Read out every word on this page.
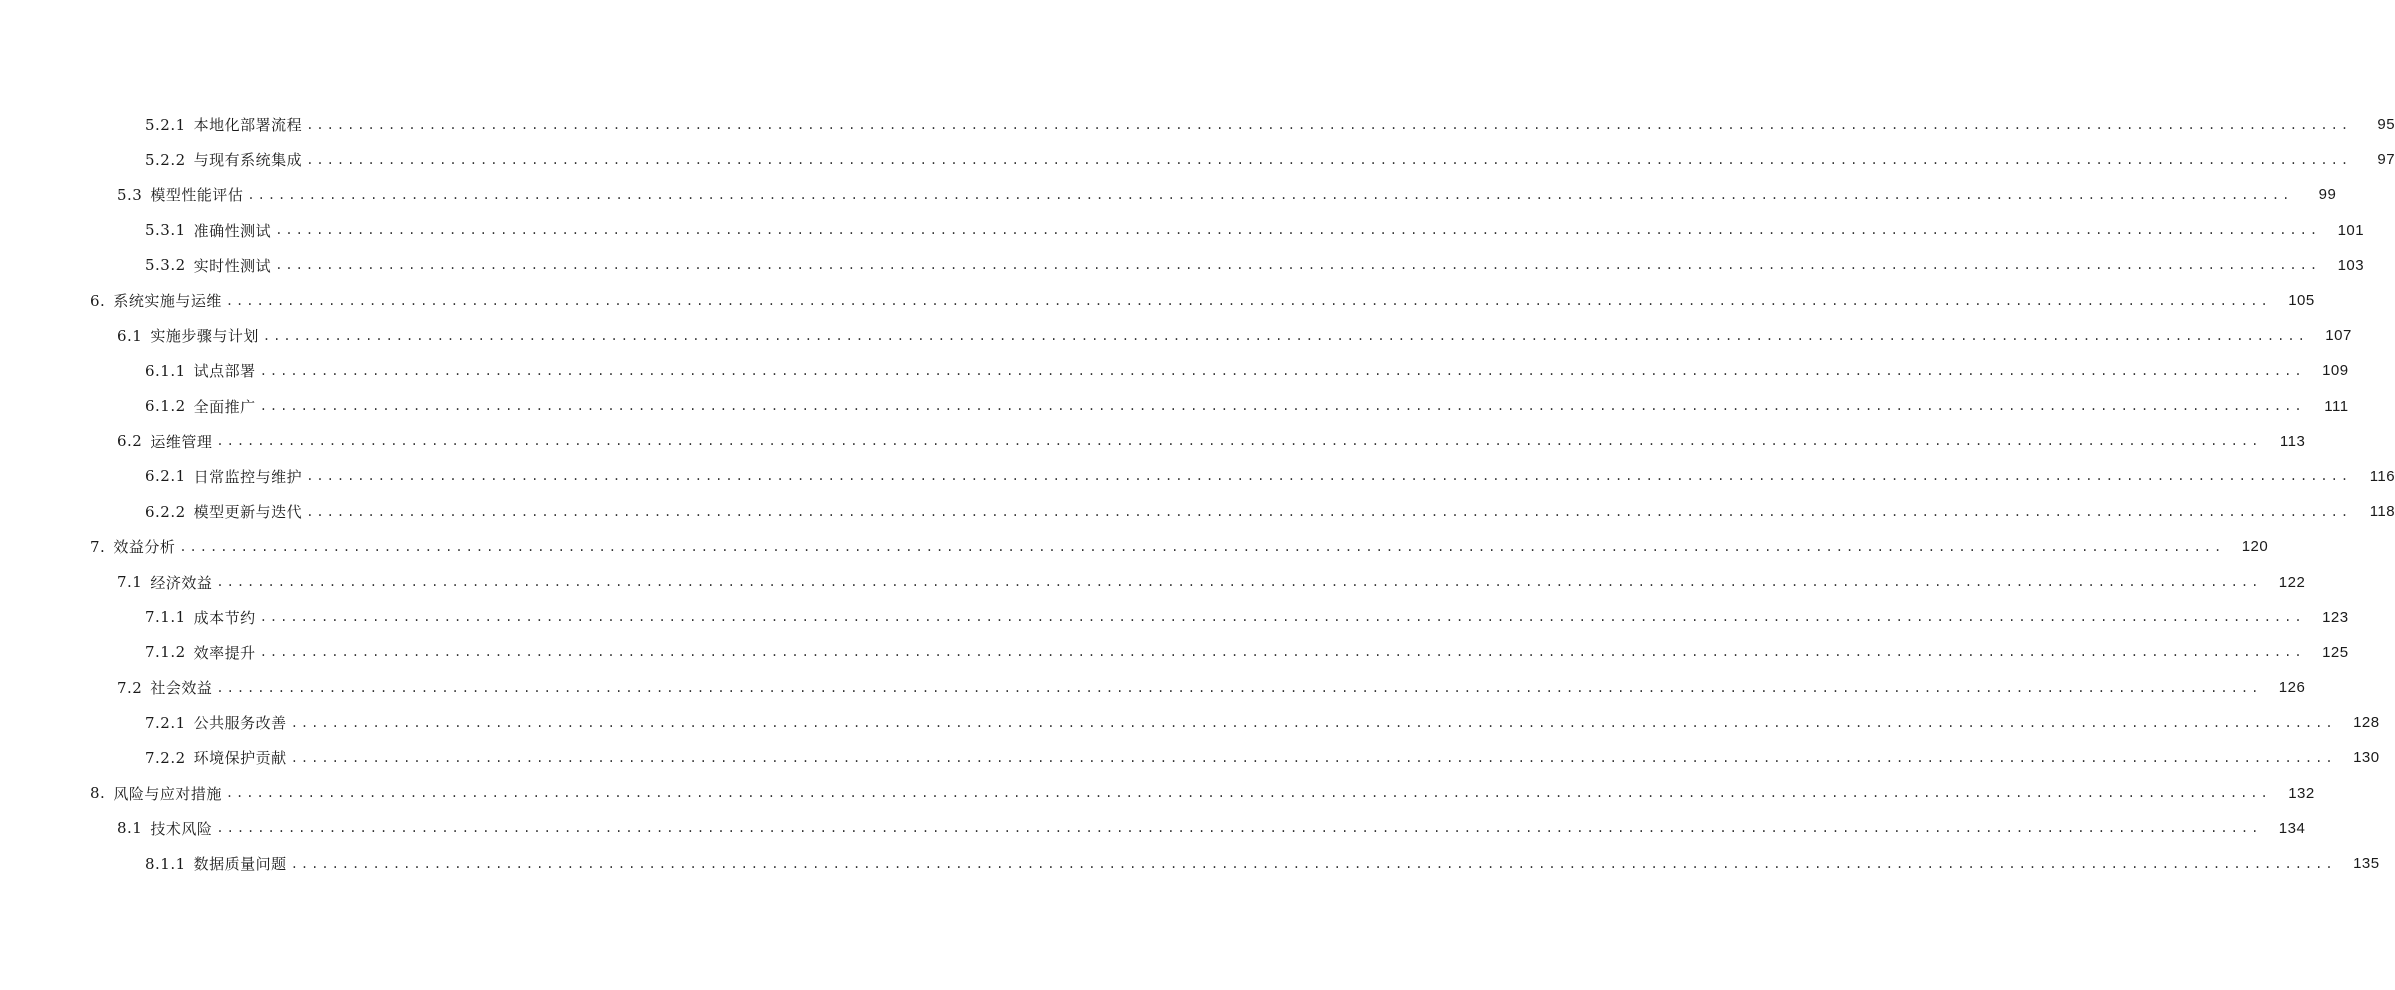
5.2.1 本地化部署流程 ........................................................................................................................................................................................................	95
5.2.2 与现有系统集成 ........................................................................................................................................................................................................	97
5.3 模型性能评估 ........................................................................................................................................................................................................	99
5.3.1 准确性测试 ........................................................................................................................................................................................................	101
5.3.2 实时性测试 ........................................................................................................................................................................................................	103
6. 系统实施与运维 ........................................................................................................................................................................................................	105
6.1 实施步骤与计划 ........................................................................................................................................................................................................	107
6.1.1 试点部署 ........................................................................................................................................................................................................	109
6.1.2 全面推广 ........................................................................................................................................................................................................	111
6.2 运维管理 ........................................................................................................................................................................................................	113
6.2.1 日常监控与维护 ........................................................................................................................................................................................................	116
6.2.2 模型更新与迭代 ........................................................................................................................................................................................................	118
7. 效益分析 ........................................................................................................................................................................................................	120
7.1 经济效益 ........................................................................................................................................................................................................	122
7.1.1 成本节约 ........................................................................................................................................................................................................	123
7.1.2 效率提升 ........................................................................................................................................................................................................	125
7.2 社会效益 ........................................................................................................................................................................................................	126
7.2.1 公共服务改善 ........................................................................................................................................................................................................	128
7.2.2 环境保护贡献 ........................................................................................................................................................................................................	130
8. 风险与应对措施 ........................................................................................................................................................................................................	132
8.1 技术风险 ........................................................................................................................................................................................................	134
8.1.1 数据质量问题 ........................................................................................................................................................................................................	135
